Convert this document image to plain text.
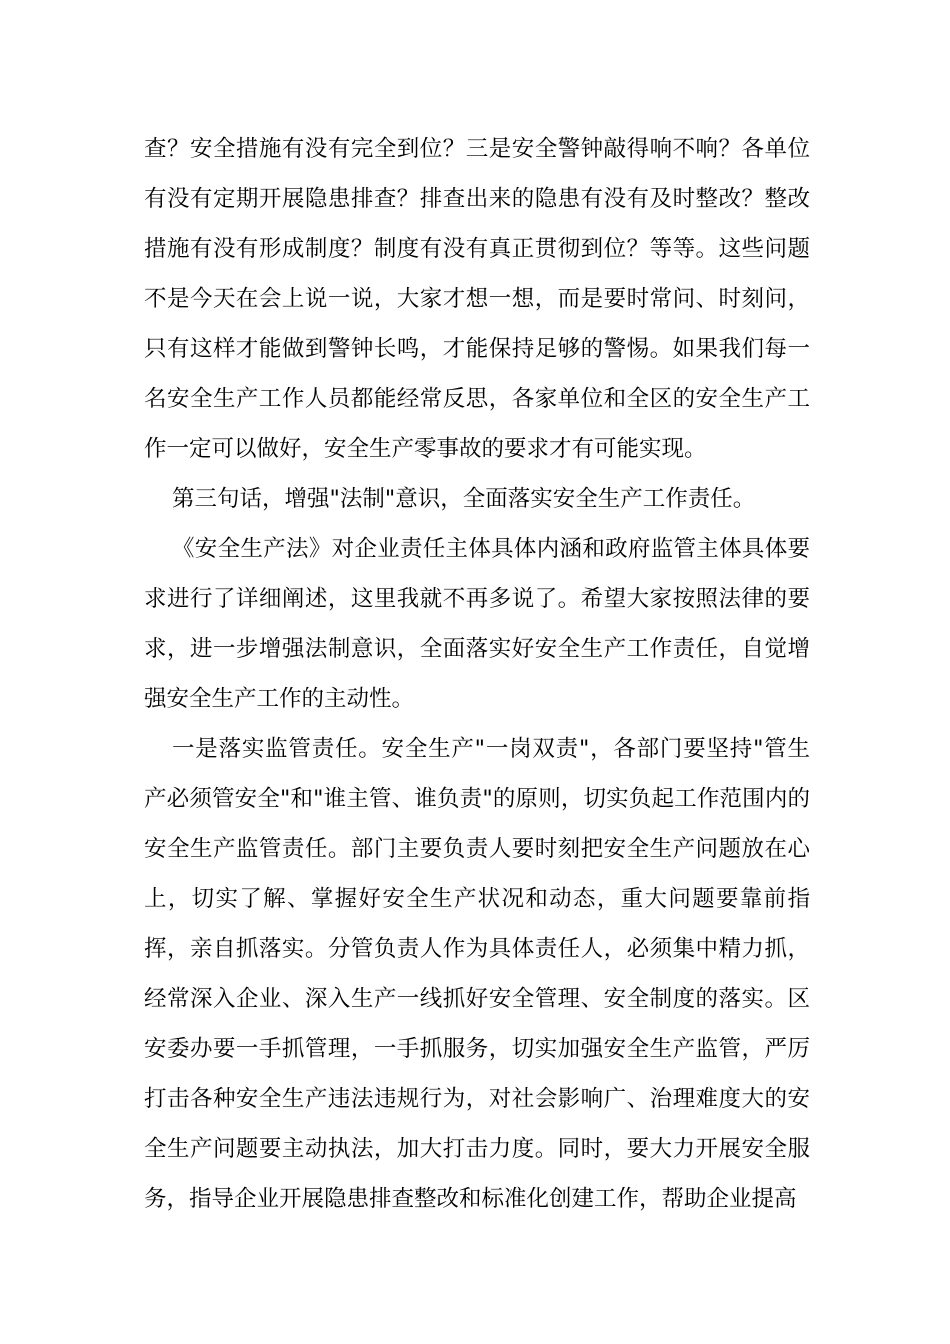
查？安全措施有没有完全到位？三是安全警钟敲得响不响？各单位有没有定期开展隐患排查？排查出来的隐患有没有及时整改？整改措施有没有形成制度？制度有没有真正贯彻到位？等等。这些问题不是今天在会上说一说，大家才想一想，而是要时常问、时刻问，只有这样才能做到警钟长鸣，才能保持足够的警惕。如果我们每一名安全生产工作人员都能经常反思，各家单位和全区的安全生产工作一定可以做好，安全生产零事故的要求才有可能实现。

第三句话，增强"法制"意识，全面落实安全生产工作责任。

《安全生产法》对企业责任主体具体内涵和政府监管主体具体要求进行了详细阐述，这里我就不再多说了。希望大家按照法律的要求，进一步增强法制意识，全面落实好安全生产工作责任，自觉增强安全生产工作的主动性。

一是落实监管责任。安全生产"一岗双责"，各部门要坚持"管生产必须管安全"和"谁主管、谁负责"的原则，切实负起工作范围内的安全生产监管责任。部门主要负责人要时刻把安全生产问题放在心上，切实了解、掌握好安全生产状况和动态，重大问题要靠前指挥，亲自抓落实。分管负责人作为具体责任人，必须集中精力抓，经常深入企业、深入生产一线抓好安全管理、安全制度的落实。区安委办要一手抓管理，一手抓服务，切实加强安全生产监管，严厉打击各种安全生产违法违规行为，对社会影响广、治理难度大的安全生产问题要主动执法，加大打击力度。同时，要大力开展安全服务，指导企业开展隐患排查整改和标准化创建工作，帮助企业提高
